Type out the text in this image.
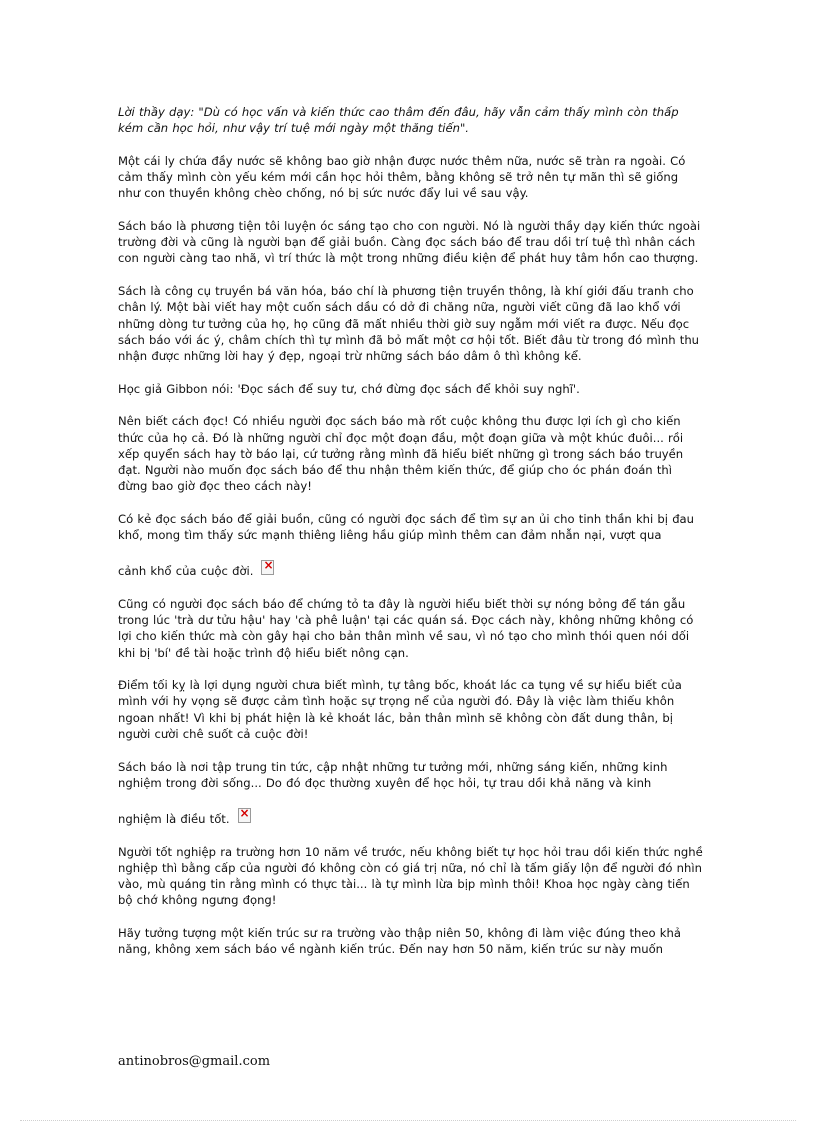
Lời thầy dạy: "Dù có học vấn và kiến thức cao thâm đến đâu, hãy vẫn cảm thấy mình còn thấp kém cần học hỏi, như vậy trí tuệ mới ngày một thăng tiến".

Một cái ly chứa đầy nước sẽ không bao giờ nhận được nước thêm nữa, nước sẽ tràn ra ngoài. Có cảm thấy mình còn yếu kém mới cần học hỏi thêm, bằng không sẽ trở nên tự mãn thì sẽ giống như con thuyền không chèo chống, nó bị sức nước đẩy lui về sau vậy.

Sách báo là phương tiện tôi luyện óc sáng tạo cho con người. Nó là người thầy dạy kiến thức ngoài trường đời và cũng là người bạn để giải buồn. Càng đọc sách báo để trau dồi trí tuệ thì nhân cách con người càng tao nhã, vì trí thức là một trong những điều kiện để phát huy tâm hồn cao thượng.

Sách là công cụ truyền bá văn hóa, báo chí là phương tiện truyền thông, là khí giới đấu tranh cho chân lý. Một bài viết hay một cuốn sách dầu có dở đi chăng nữa, người viết cũng đã lao khổ với những dòng tư tưởng của họ, họ cũng đã mất nhiều thời giờ suy ngẫm mới viết ra được. Nếu đọc sách báo với ác ý, châm chích thì tự mình đã bỏ mất một cơ hội tốt. Biết đâu từ trong đó mình thu nhận được những lời hay ý đẹp, ngoại trừ những sách báo dâm ô thì không kể.

Học giả Gibbon nói: 'Đọc sách để suy tư, chớ đừng đọc sách để khỏi suy nghĩ'.

Nên biết cách đọc! Có nhiều người đọc sách báo mà rốt cuộc không thu được lợi ích gì cho kiến thức của họ cả. Đó là những người chỉ đọc một đoạn đầu, một đoạn giữa và một khúc đuôi... rồi xếp quyển sách hay tờ báo lại, cứ tưởng rằng mình đã hiểu biết những gì trong sách báo truyền đạt. Người nào muốn đọc sách báo để thu nhận thêm kiến thức, để giúp cho óc phán đoán thì đừng bao giờ đọc theo cách này!

Có kẻ đọc sách báo để giải buồn, cũng có người đọc sách để tìm sự an ủi cho tinh thần khi bị đau khổ, mong tìm thấy sức mạnh thiêng liêng hầu giúp mình thêm can đảm nhẫn nại, vượt qua
cảnh khổ của cuộc đời.×

Cũng có người đọc sách báo để chứng tỏ ta đây là người hiểu biết thời sự nóng bỏng để tán gẫu trong lúc 'trà dư tửu hậu' hay 'cà phê luận' tại các quán sá. Đọc cách này, không những không có lợi cho kiến thức mà còn gây hại cho bản thân mình về sau, vì nó tạo cho mình thói quen nói dối khi bị 'bí' đề tài hoặc trình độ hiểu biết nông cạn.

Điểm tối kỵ là lợi dụng người chưa biết mình, tự tâng bốc, khoát lác ca tụng về sự hiểu biết của mình với hy vọng sẽ được cảm tình hoặc sự trọng nể của người đó. Đây là việc làm thiếu khôn ngoan nhất! Vì khi bị phát hiện là kẻ khoát lác, bản thân mình sẽ không còn đất dung thân, bị người cười chê suốt cả cuộc đời!

Sách báo là nơi tập trung tin tức, cập nhật những tư tưởng mới, những sáng kiến, những kinh nghiệm trong đời sống... Do đó đọc thường xuyên để học hỏi, tự trau dồi khả năng và kinh
nghiệm là điều tốt.×

Người tốt nghiệp ra trường hơn 10 năm về trước, nếu không biết tự học hỏi trau dồi kiến thức nghề nghiệp thì bằng cấp của người đó không còn có giá trị nữa, nó chỉ là tấm giấy lộn để người đó nhìn vào, mù quáng tin rằng mình có thực tài... là tự mình lừa bịp mình thôi! Khoa học ngày càng tiến bộ chớ không ngưng đọng!

Hãy tưởng tượng một kiến trúc sư ra trường vào thập niên 50, không đi làm việc đúng theo khả năng, không xem sách báo về ngành kiến trúc. Đến nay hơn 50 năm, kiến trúc sư này muốn

antinobros@gmail.com
